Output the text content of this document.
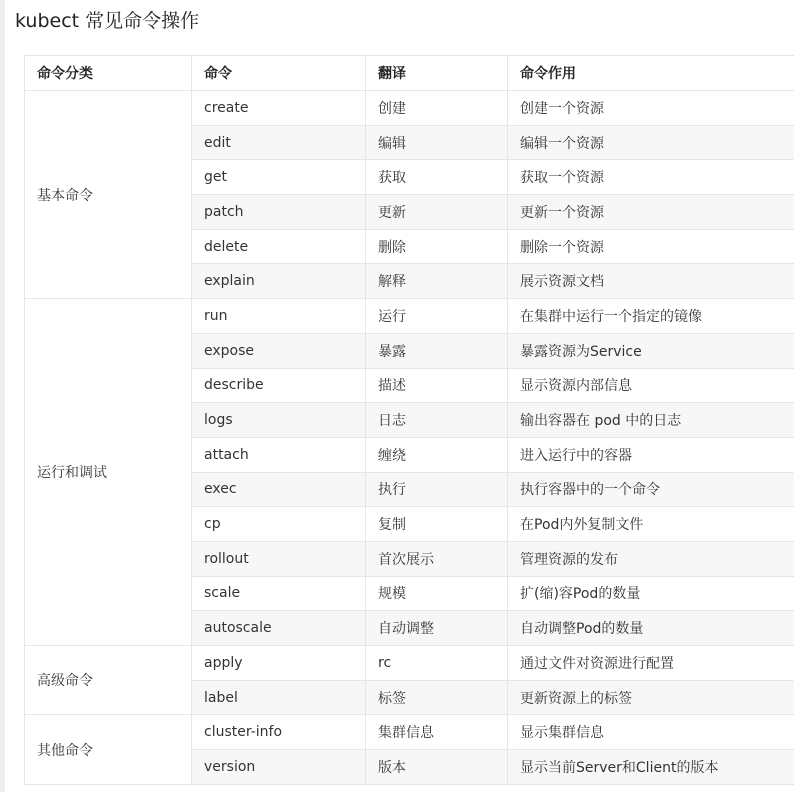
kubect 常见命令操作
命令分类	命令	翻译	命令作用
基本命令	create	创建	创建一个资源
	edit	编辑	编辑一个资源
	get	获取	获取一个资源
	patch	更新	更新一个资源
	delete	删除	删除一个资源
	explain	解释	展示资源文档
运行和调试	run	运行	在集群中运行一个指定的镜像
	expose	暴露	暴露资源为Service
	describe	描述	显示资源内部信息
	logs	日志	输出容器在 pod 中的日志
	attach	缠绕	进入运行中的容器
	exec	执行	执行容器中的一个命令
	cp	复制	在Pod内外复制文件
	rollout	首次展示	管理资源的发布
	scale	规模	扩(缩)容Pod的数量
	autoscale	自动调整	自动调整Pod的数量
高级命令	apply	rc	通过文件对资源进行配置
	label	标签	更新资源上的标签
其他命令	cluster-info	集群信息	显示集群信息
	version	版本	显示当前Server和Client的版本
